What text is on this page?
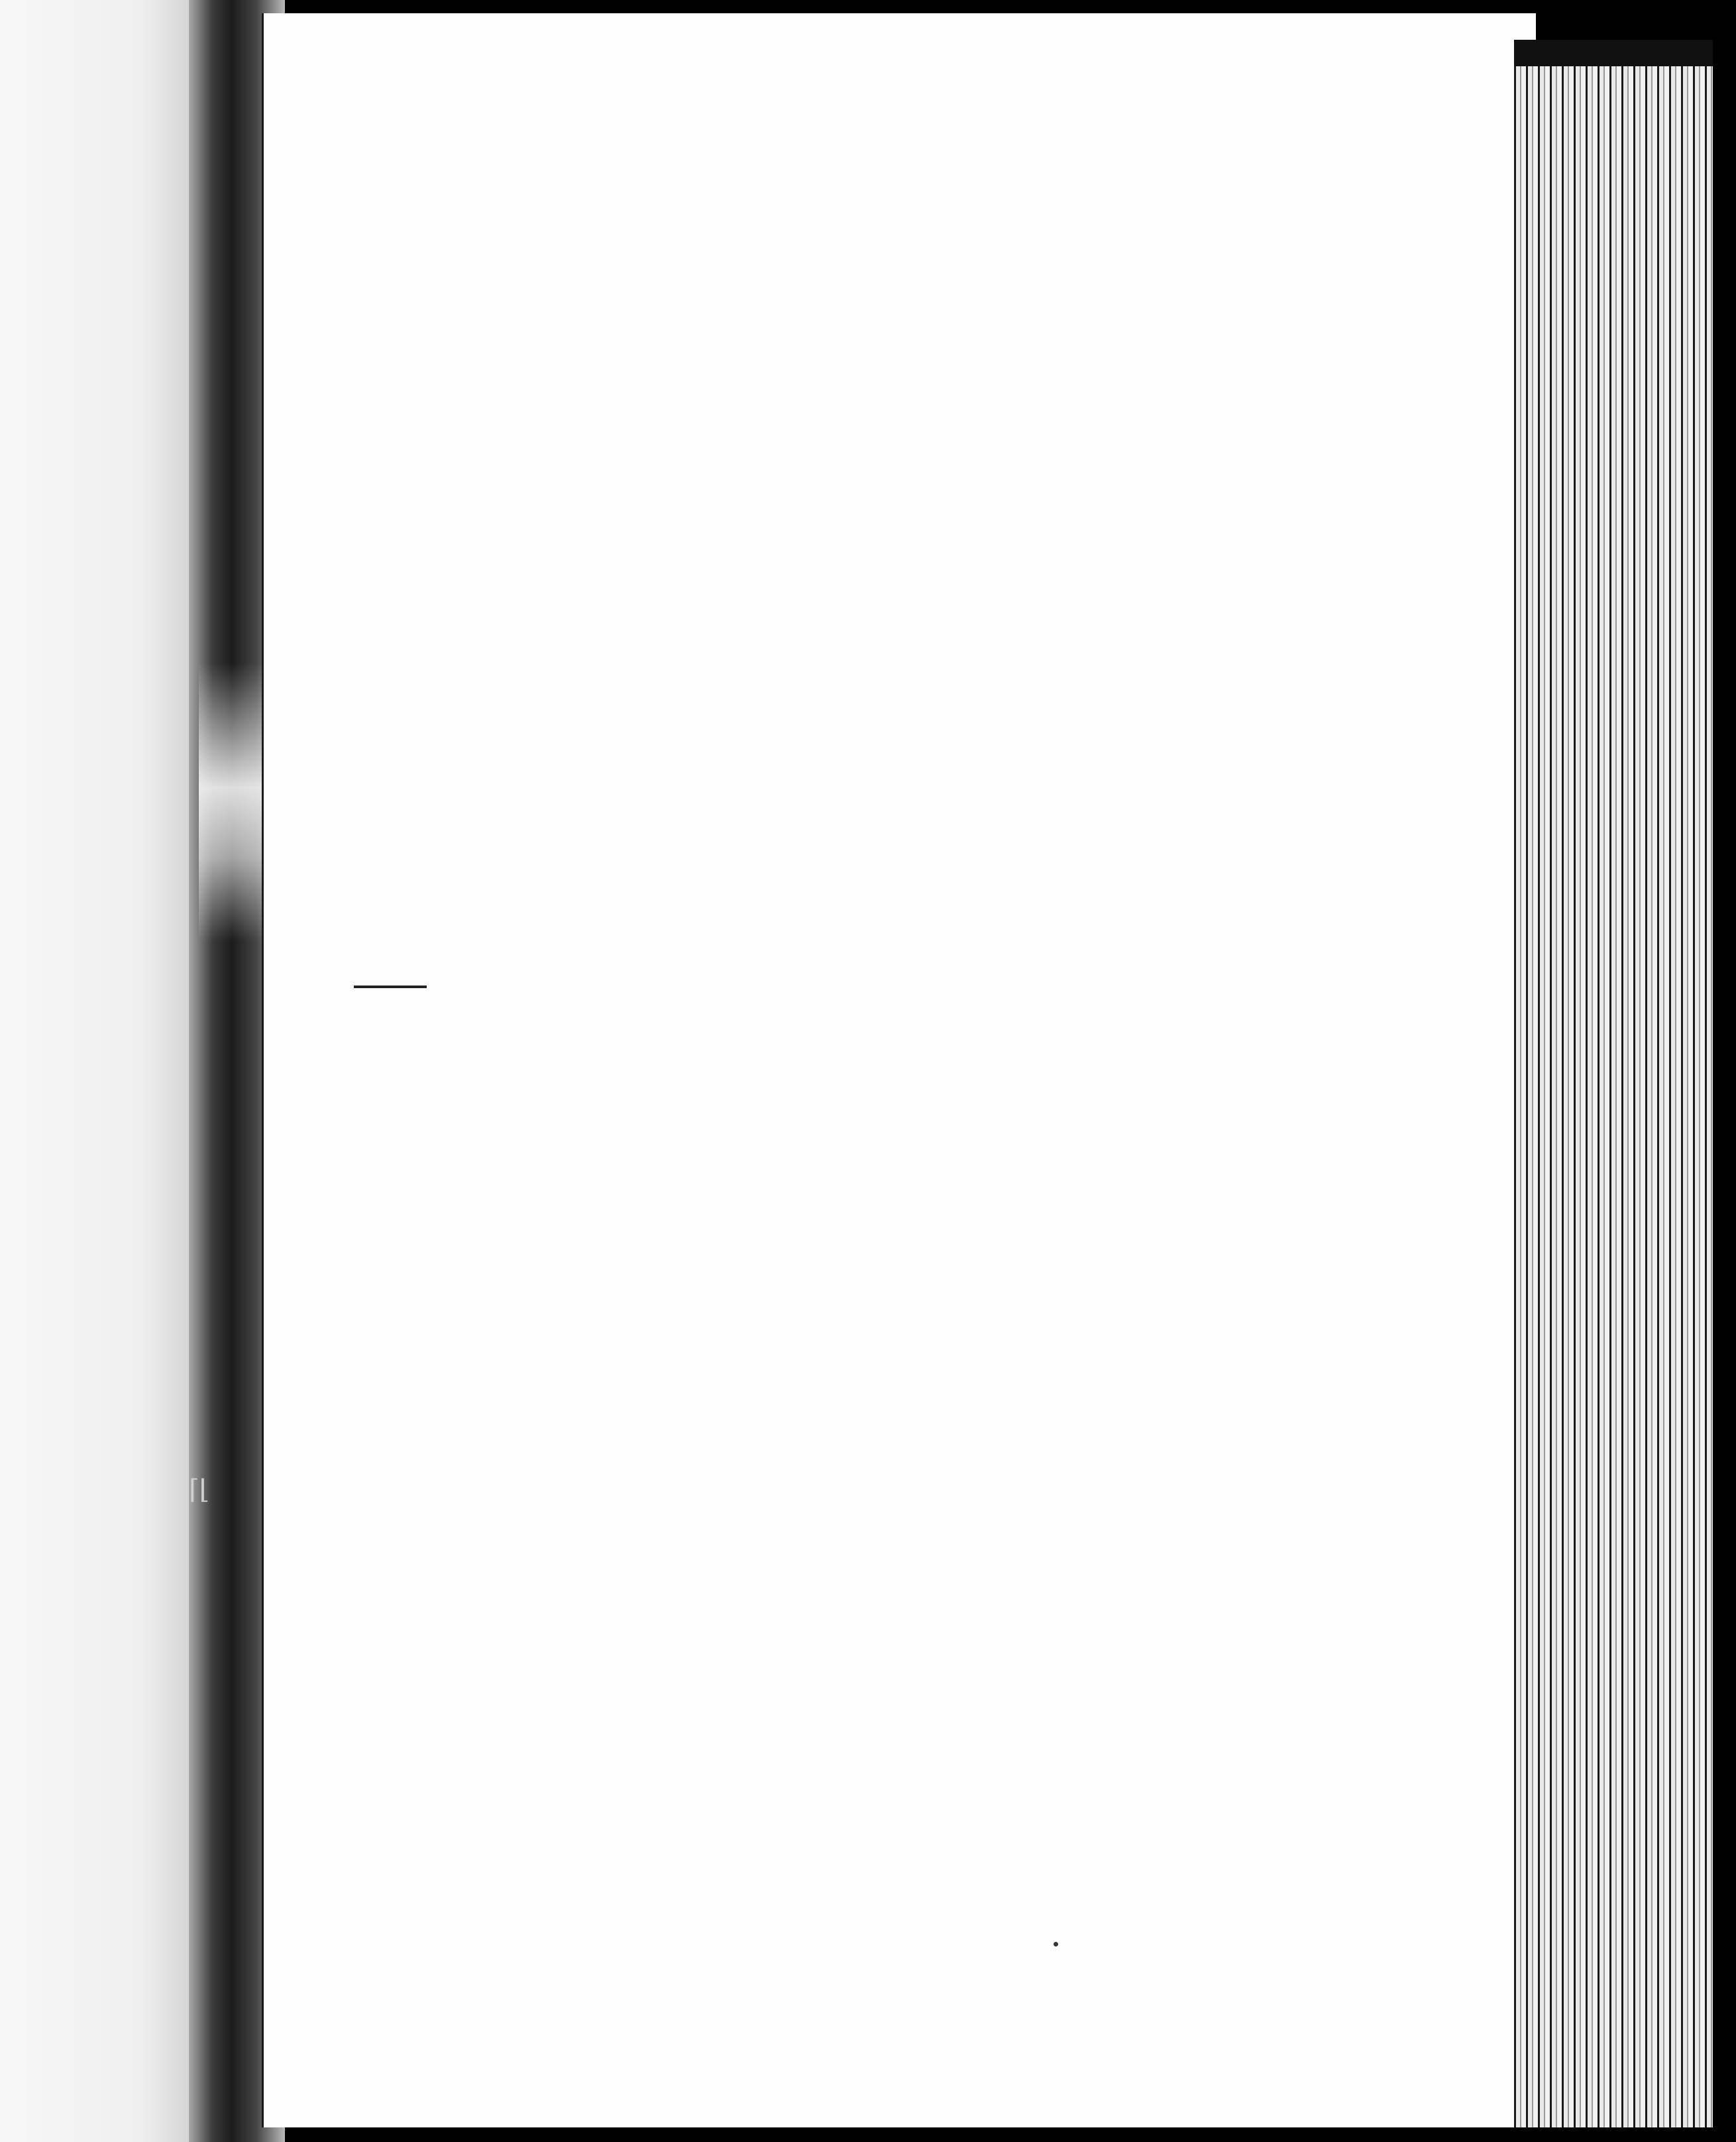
⌈⌊
